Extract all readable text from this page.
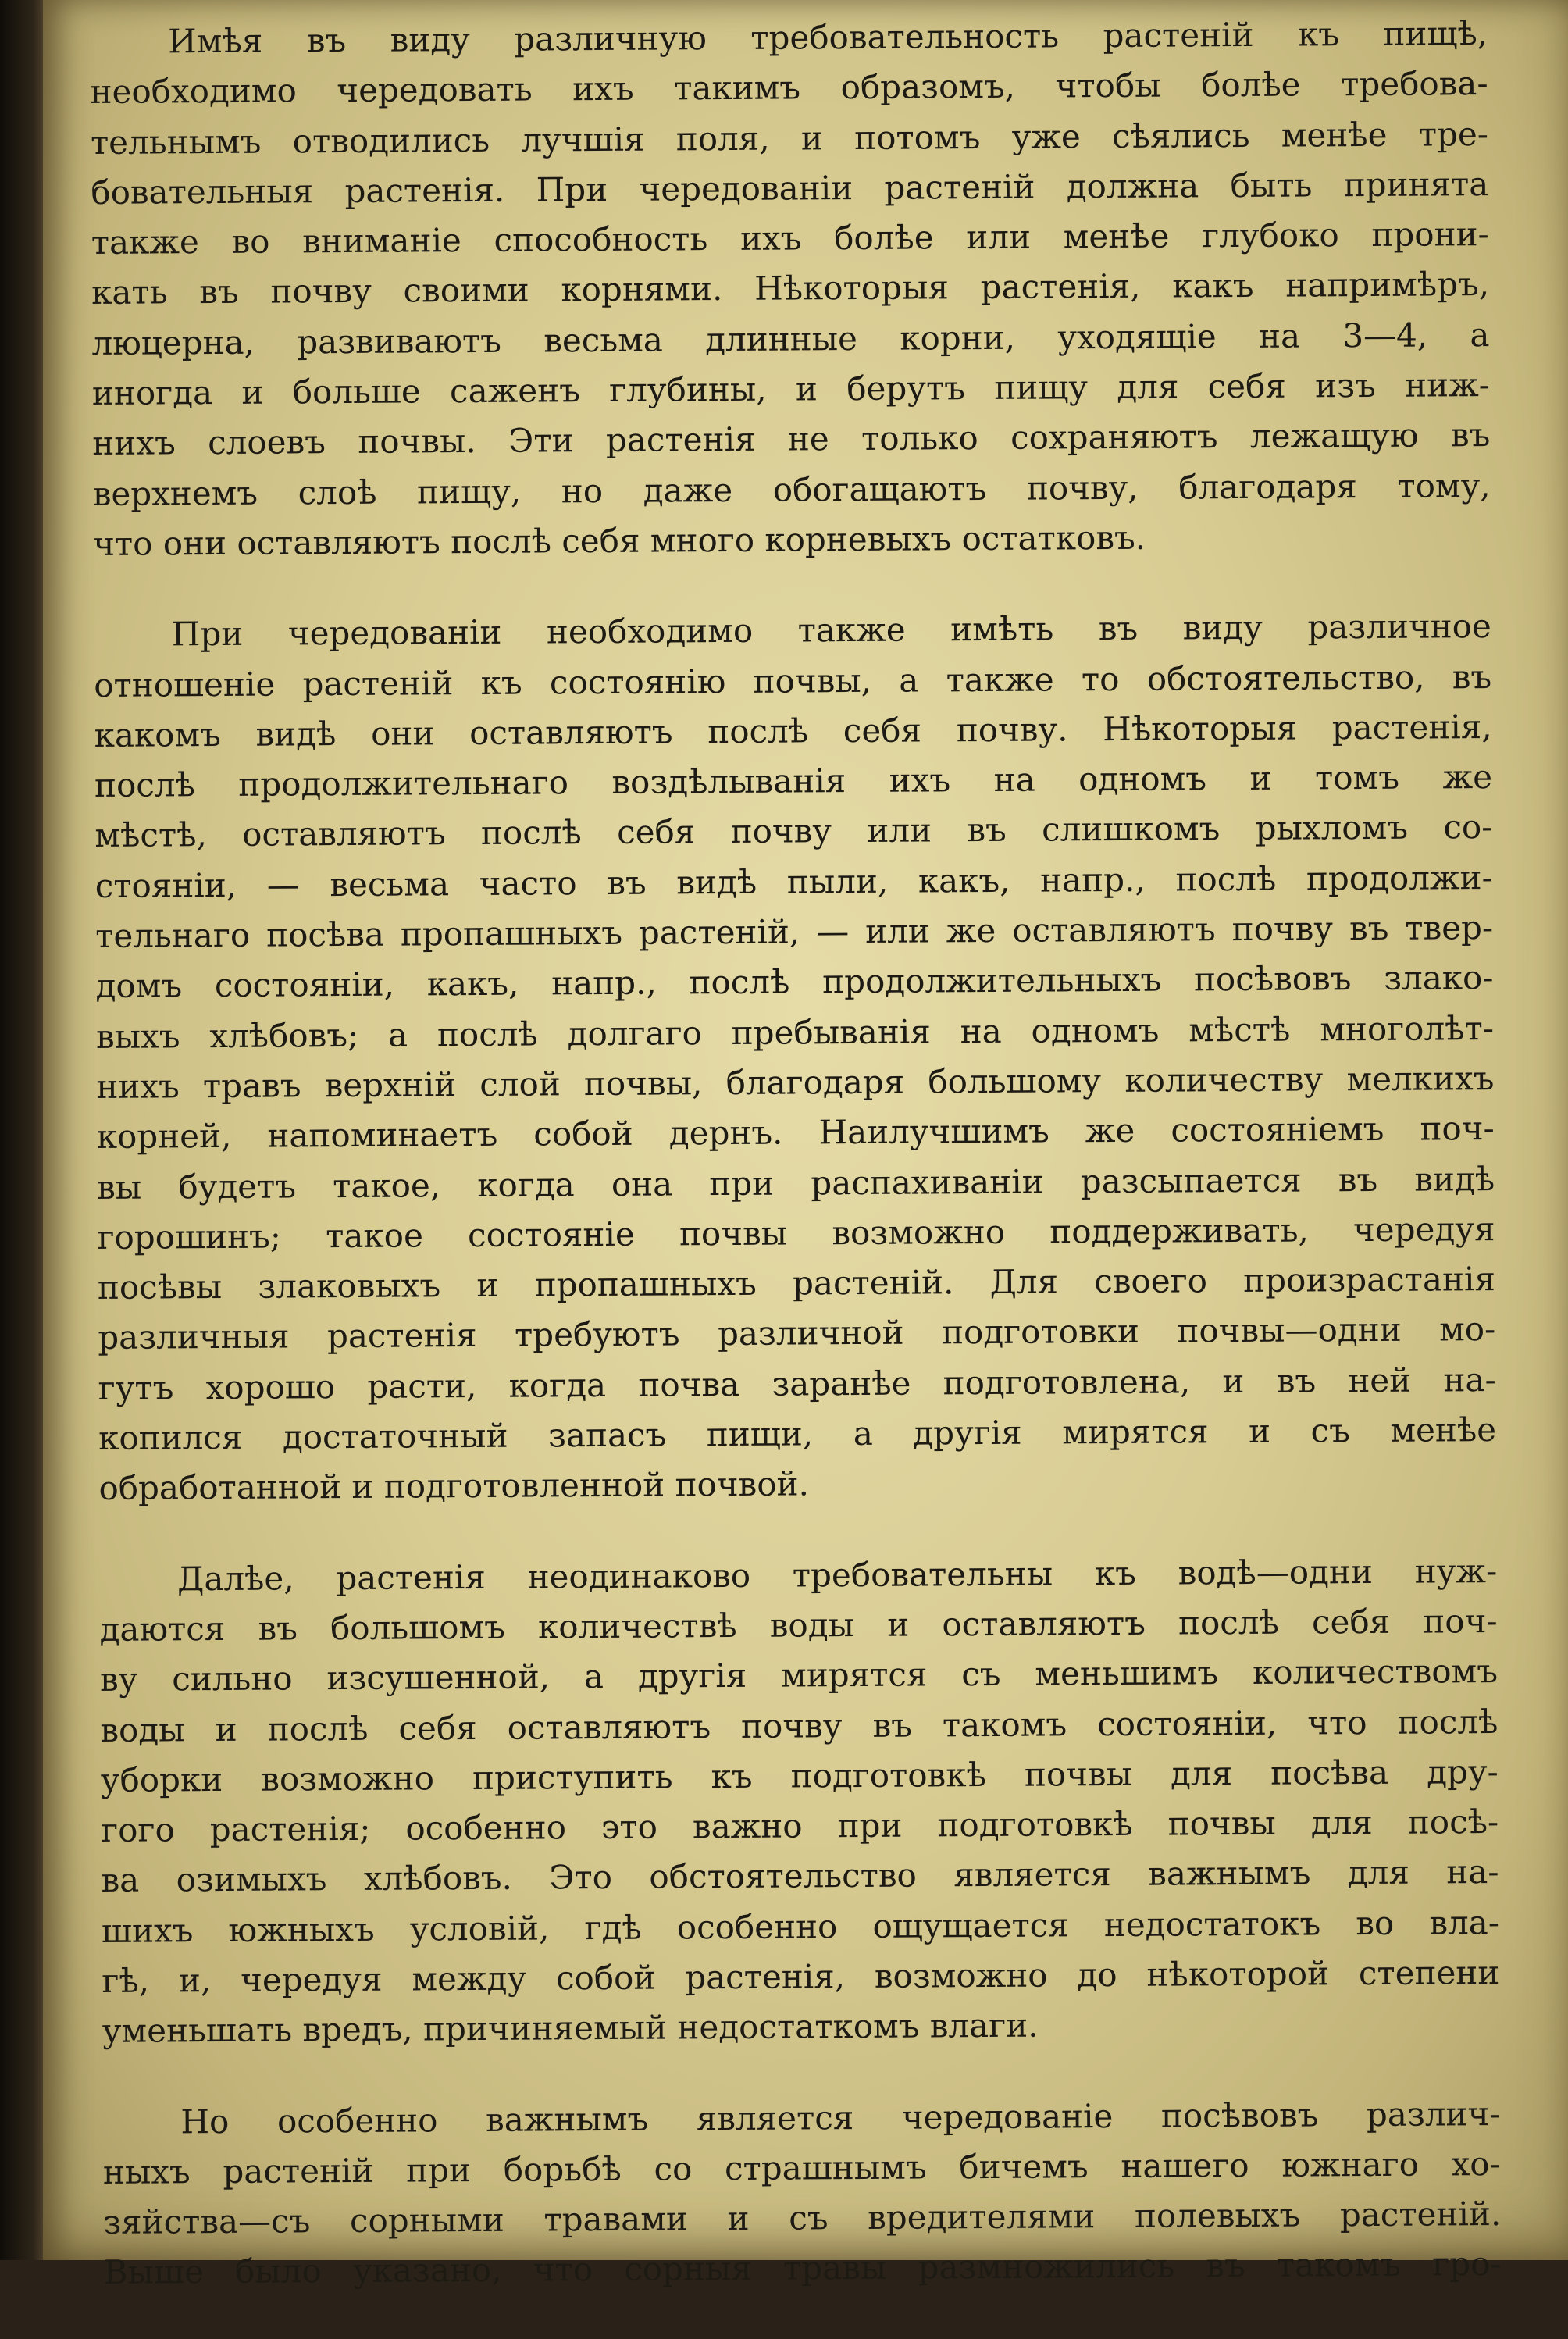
Имѣя въ виду различную требовательность растеній къ пищѣ,
необходимо чередовать ихъ такимъ образомъ, чтобы болѣе требова-
тельнымъ отводились лучшія поля, и потомъ уже сѣялись менѣе тре-
бовательныя растенія. При чередованіи растеній должна быть принята
также во вниманіе способность ихъ болѣе или менѣе глубоко прони-
кать въ почву своими корнями. Нѣкоторыя растенія, какъ напримѣръ,
люцерна, развиваютъ весьма длинные корни, уходящіе на 3—4, а
иногда и больше саженъ глубины, и берутъ пищу для себя изъ ниж-
нихъ слоевъ почвы. Эти растенія не только сохраняютъ лежащую въ
верхнемъ слоѣ пищу, но даже обогащаютъ почву, благодаря тому,
что они оставляютъ послѣ себя много корневыхъ остатковъ.
При чередованіи необходимо также имѣть въ виду различное
отношеніе растеній къ состоянію почвы, а также то обстоятельство, въ
какомъ видѣ они оставляютъ послѣ себя почву. Нѣкоторыя растенія,
послѣ продолжительнаго воздѣлыванія ихъ на одномъ и томъ же
мѣстѣ, оставляютъ послѣ себя почву или въ слишкомъ рыхломъ со-
стояніи, — весьма часто въ видѣ пыли, какъ, напр., послѣ продолжи-
тельнаго посѣва пропашныхъ растеній, — или же оставляютъ почву въ твер-
домъ состояніи, какъ, напр., послѣ продолжительныхъ посѣвовъ злако-
выхъ хлѣбовъ; а послѣ долгаго пребыванія на одномъ мѣстѣ многолѣт-
нихъ травъ верхній слой почвы, благодаря большому количеству мелкихъ
корней, напоминаетъ собой дернъ. Наилучшимъ же состояніемъ поч-
вы будетъ такое, когда она при распахиваніи разсыпается въ видѣ
горошинъ; такое состояніе почвы возможно поддерживать, чередуя
посѣвы злаковыхъ и пропашныхъ растеній. Для своего произрастанія
различныя растенія требуютъ различной подготовки почвы—одни мо-
гутъ хорошо расти, когда почва заранѣе подготовлена, и въ ней на-
копился достаточный запасъ пищи, а другія мирятся и съ менѣе
обработанной и подготовленной почвой.
Далѣе, растенія неодинаково требовательны къ водѣ—одни нуж-
даются въ большомъ количествѣ воды и оставляютъ послѣ себя поч-
ву сильно изсушенной, а другія мирятся съ меньшимъ количествомъ
воды и послѣ себя оставляютъ почву въ такомъ состояніи, что послѣ
уборки возможно приступить къ подготовкѣ почвы для посѣва дру-
гого растенія; особенно это важно при подготовкѣ почвы для посѣ-
ва озимыхъ хлѣбовъ. Это обстоятельство является важнымъ для на-
шихъ южныхъ условій, гдѣ особенно ощущается недостатокъ во вла-
гѣ, и, чередуя между собой растенія, возможно до нѣкоторой степени
уменьшать вредъ, причиняемый недостаткомъ влаги.
Но особенно важнымъ является чередованіе посѣвовъ различ-
ныхъ растеній при борьбѣ со страшнымъ бичемъ нашего южнаго хо-
зяйства—съ сорными травами и съ вредителями полевыхъ растеній.
Выше было указано, что сорныя травы размножились въ такомъ гро-
